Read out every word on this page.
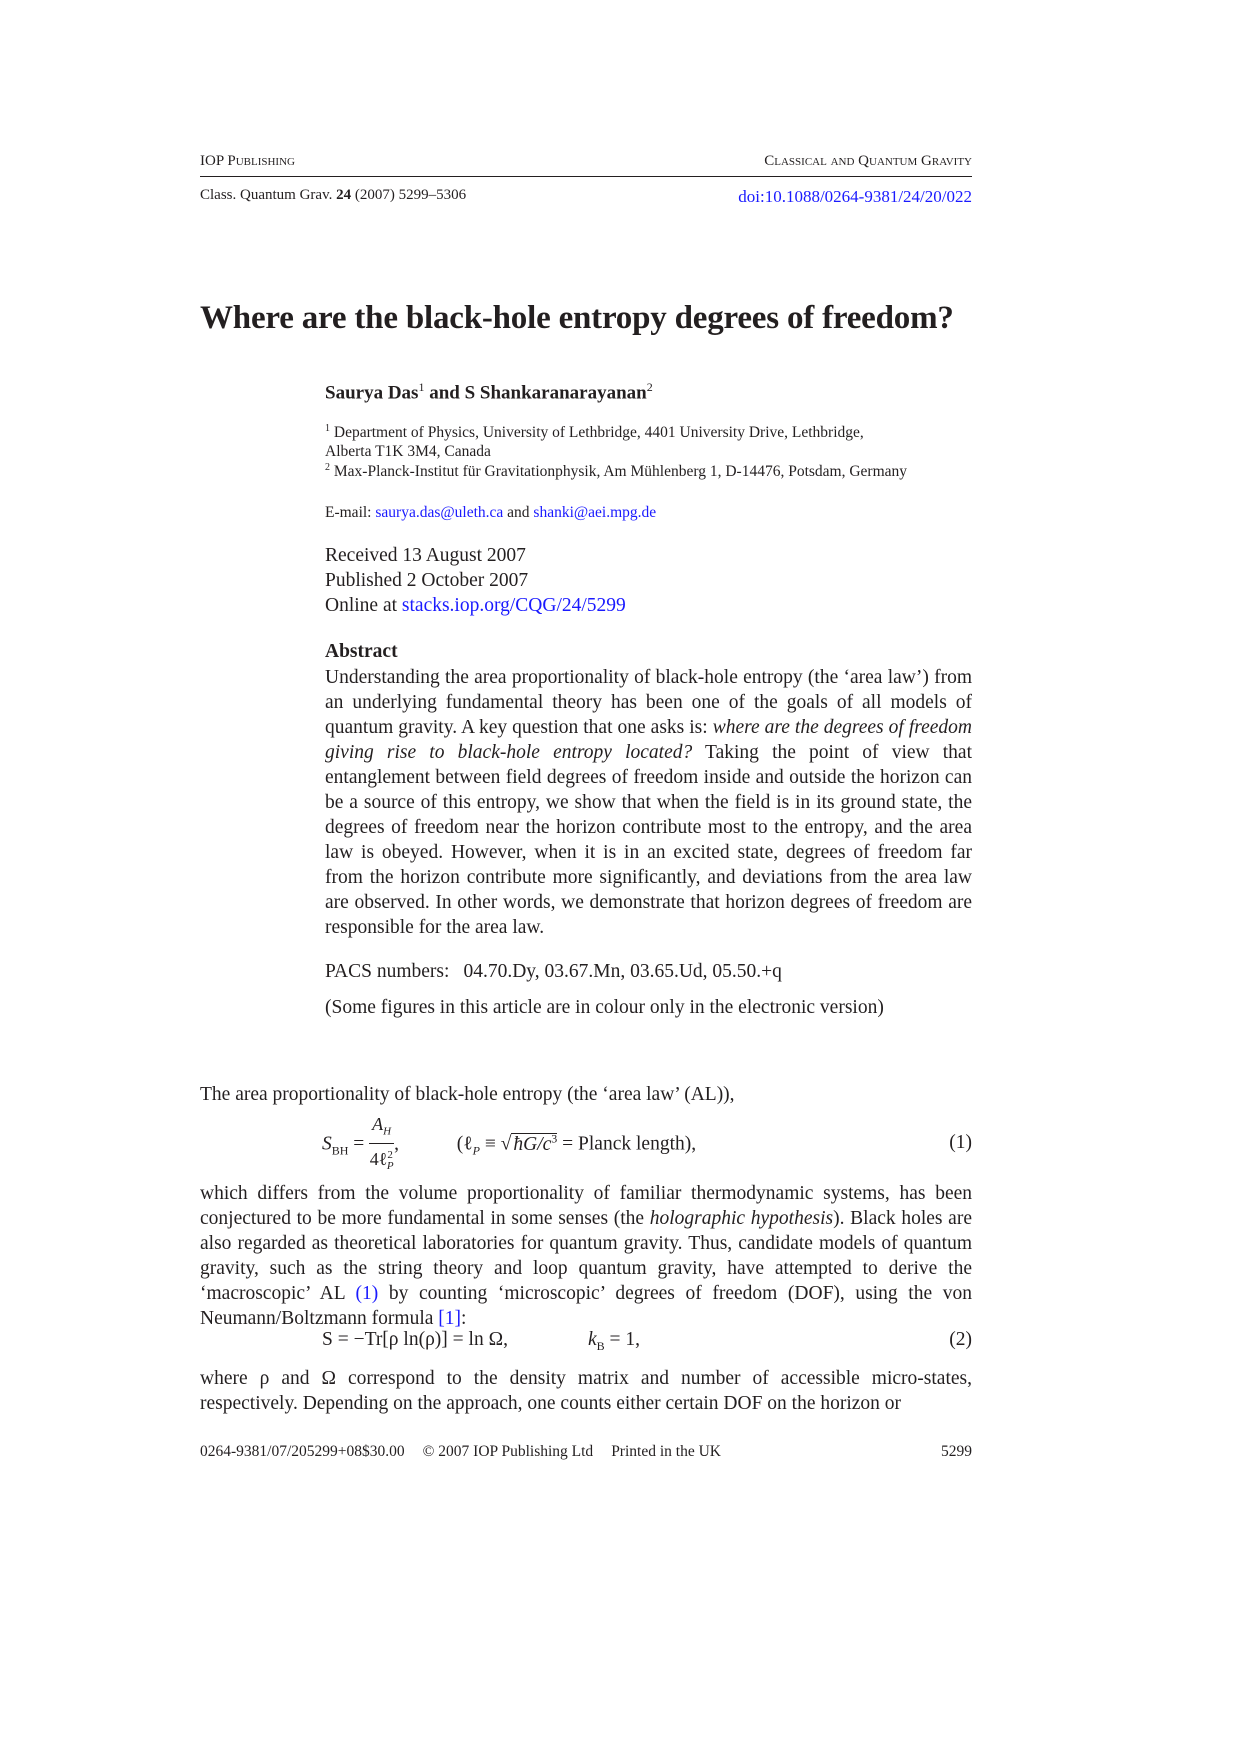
IOP Publishing	Classical and Quantum Gravity
Class. Quantum Grav. 24 (2007) 5299–5306	doi:10.1088/0264-9381/24/20/022
Where are the black-hole entropy degrees of freedom?
Saurya Das$^1$ and S Shankaranarayanan$^2$
$^1$ Department of Physics, University of Lethbridge, 4401 University Drive, Lethbridge,
Alberta T1K 3M4, Canada
$^2$ Max-Planck-Institut für Gravitationphysik, Am Mühlenberg 1, D-14476, Potsdam, Germany
E-mail: saurya.das@uleth.ca and shanki@aei.mpg.de
Received 13 August 2007
Published 2 October 2007
Online at stacks.iop.org/CQG/24/5299
Abstract
Understanding the area proportionality of black-hole entropy (the ‘area law’) from an underlying fundamental theory has been one of the goals of all models of quantum gravity. A key question that one asks is: where are the degrees of freedom giving rise to black-hole entropy located? Taking the point of view that entanglement between field degrees of freedom inside and outside the horizon can be a source of this entropy, we show that when the field is in its ground state, the degrees of freedom near the horizon contribute most to the entropy, and the area law is obeyed. However, when it is in an excited state, degrees of freedom far from the horizon contribute more significantly, and deviations from the area law are observed. In other words, we demonstrate that horizon degrees of freedom are responsible for the area law.
PACS numbers: 04.70.Dy, 03.67.Mn, 03.65.Ud, 05.50.+q
(Some figures in this article are in colour only in the electronic version)
The area proportionality of black-hole entropy (the ‘area law’ (AL)),
$S_{BH} = \frac{A_H}{4\ell^2_P}$ ,	(ℓ$_P$ ≡ √ $ħG/c^3$ = Planck length),	(1)
which differs from the volume proportionality of familiar thermodynamic systems, has been conjectured to be more fundamental in some senses (the holographic hypothesis). Black holes are also regarded as theoretical laboratories for quantum gravity. Thus, candidate models of quantum gravity, such as the string theory and loop quantum gravity, have attempted to derive the ‘macroscopic’ AL (1) by counting ‘microscopic’ degrees of freedom (DOF), using the von Neumann/Boltzmann formula [1]:
S = −Tr[ρ ln(ρ)] = ln Ω,	$k_B = 1$,	(2)
where ρ and Ω correspond to the density matrix and number of accessible micro-states, respectively. Depending on the approach, one counts either certain DOF on the horizon or
0264-9381/07/205299+08$30.00 © 2007 IOP Publishing Ltd Printed in the UK	5299
